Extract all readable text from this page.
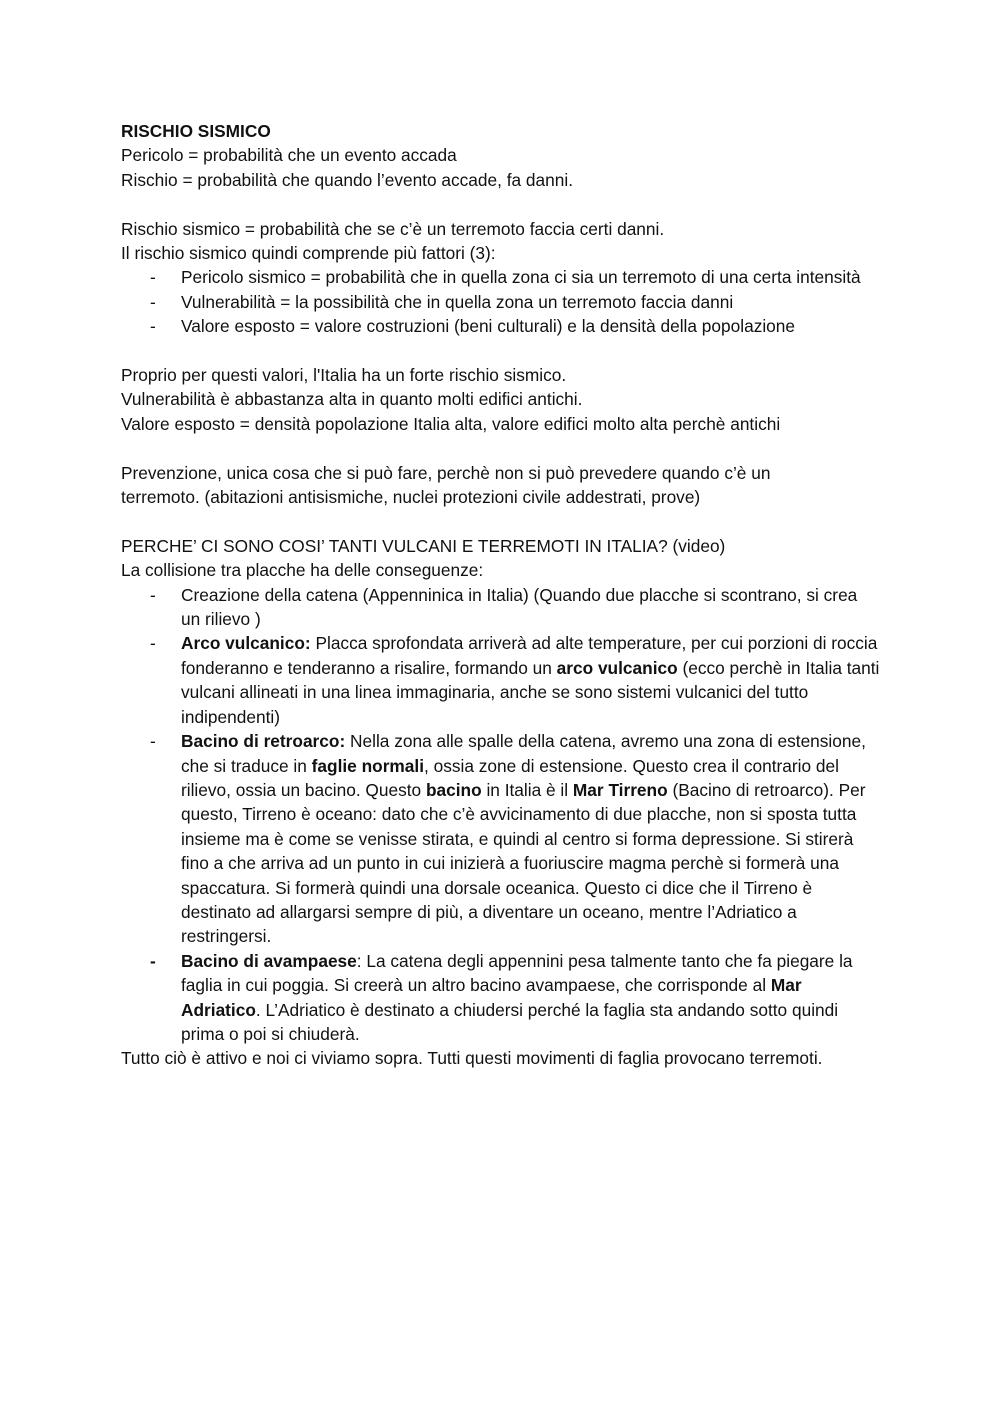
RISCHIO SISMICO

Pericolo = probabilità che un evento accada

Rischio = probabilità che quando l’evento accade, fa danni.

Rischio sismico = probabilità che se c’è un terremoto faccia certi danni.

Il rischio sismico quindi comprende più fattori (3):

- Pericolo sismico = probabilità che in quella zona ci sia un terremoto di una certa intensità
- Vulnerabilità = la possibilità che in quella zona un terremoto faccia danni
- Valore esposto = valore costruzioni (beni culturali) e la densità della popolazione

Proprio per questi valori, l'Italia ha un forte rischio sismico.

Vulnerabilità è abbastanza alta in quanto molti edifici antichi.

Valore esposto = densità popolazione Italia alta, valore edifici molto alta perchè antichi

Prevenzione, unica cosa che si può fare, perchè non si può prevedere quando c’è un terremoto. (abitazioni antisismiche, nuclei protezioni civile addestrati, prove)

PERCHE’ CI SONO COSI’ TANTI VULCANI E TERREMOTI IN ITALIA? (video)

La collisione tra placche ha delle conseguenze:

- Creazione della catena (Appenninica in Italia) (Quando due placche si scontrano, si crea un rilievo )
- Arco vulcanico: Placca sprofondata arriverà ad alte temperature, per cui porzioni di roccia fonderanno e tenderanno a risalire, formando un arco vulcanico (ecco perchè in Italia tanti vulcani allineati in una linea immaginaria, anche se sono sistemi vulcanici del tutto indipendenti)
- Bacino di retroarco: Nella zona alle spalle della catena, avremo una zona di estensione, che si traduce in faglie normali, ossia zone di estensione. Questo crea il contrario del rilievo, ossia un bacino. Questo bacino in Italia è il Mar Tirreno (Bacino di retroarco). Per questo, Tirreno è oceano: dato che c’è avvicinamento di due placche, non si sposta tutta insieme ma è come se venisse stirata, e quindi al centro si forma depressione. Si stirerà fino a che arriva ad un punto in cui inizierà a fuoriuscire magma perchè si formerà una spaccatura. Si formerà quindi una dorsale oceanica. Questo ci dice che il Tirreno è destinato ad allargarsi sempre di più, a diventare un oceano, mentre l’Adriatico a restringersi.
- Bacino di avampaese: La catena degli appennini pesa talmente tanto che fa piegare la faglia in cui poggia. Si creerà un altro bacino avampaese, che corrisponde al Mar Adriatico. L’Adriatico è destinato a chiudersi perché la faglia sta andando sotto quindi prima o poi si chiuderà.

Tutto ciò è attivo e noi ci viviamo sopra. Tutti questi movimenti di faglia provocano terremoti.
